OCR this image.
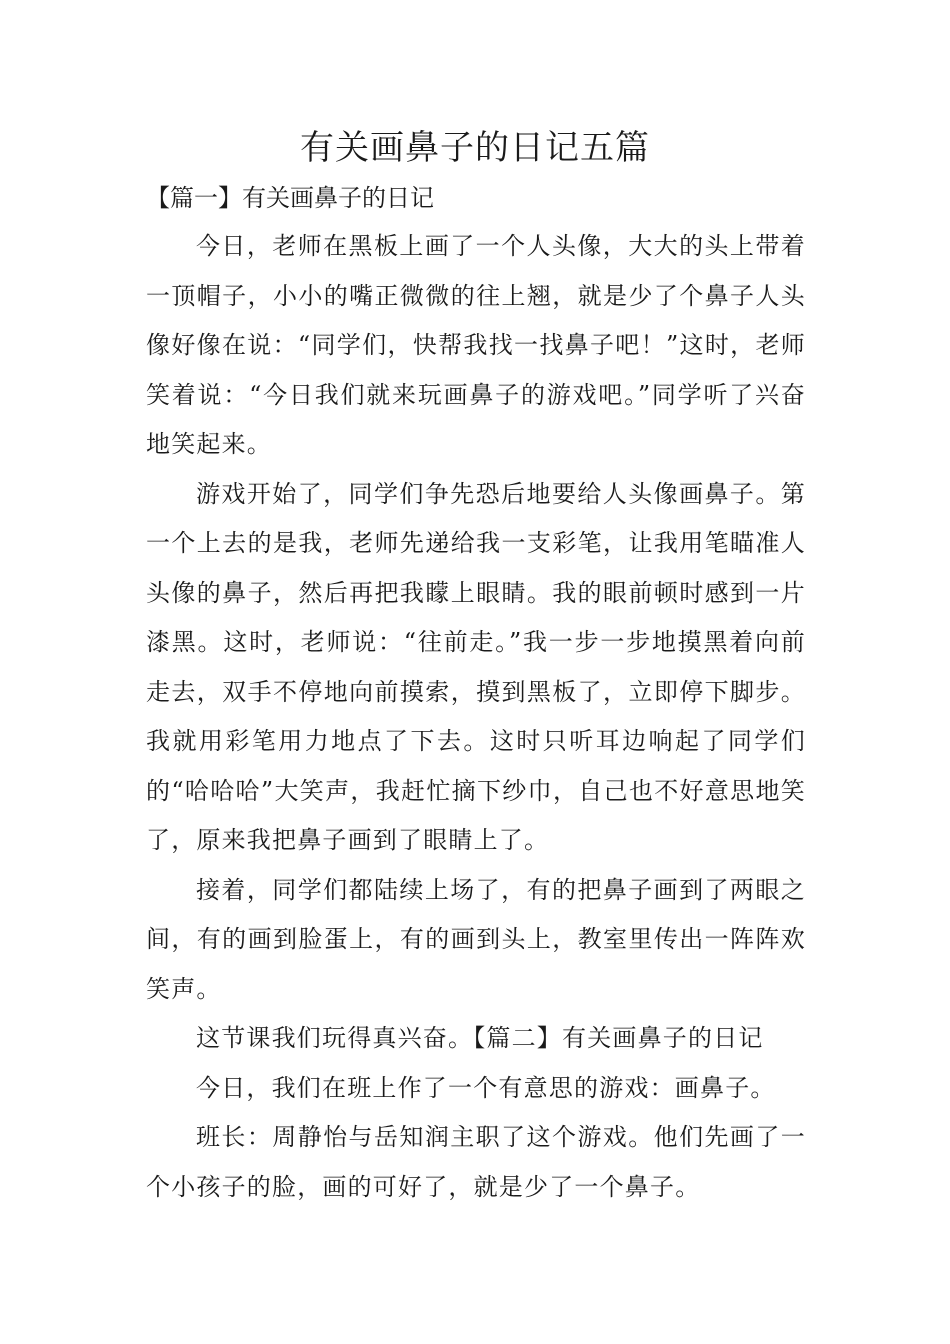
有关画鼻子的日记五篇
【篇一】有关画鼻子的日记

今日，老师在黑板上画了一个人头像，大大的头上带着一顶帽子，小小的嘴正微微的往上翘，就是少了个鼻子人头像好像在说：“同学们，快帮我找一找鼻子吧！”这时，老师笑着说：“今日我们就来玩画鼻子的游戏吧。”同学听了兴奋地笑起来。

游戏开始了，同学们争先恐后地要给人头像画鼻子。第一个上去的是我，老师先递给我一支彩笔，让我用笔瞄准人头像的鼻子，然后再把我矇上眼睛。我的眼前顿时感到一片漆黑。这时，老师说：“往前走。”我一步一步地摸黑着向前走去，双手不停地向前摸索，摸到黑板了，立即停下脚步。我就用彩笔用力地点了下去。这时只听耳边响起了同学们的“哈哈哈”大笑声，我赶忙摘下纱巾，自己也不好意思地笑了，原来我把鼻子画到了眼睛上了。

接着，同学们都陆续上场了，有的把鼻子画到了两眼之间，有的画到脸蛋上，有的画到头上，教室里传出一阵阵欢笑声。

这节课我们玩得真兴奋。【篇二】有关画鼻子的日记

今日，我们在班上作了一个有意思的游戏：画鼻子。

班长：周静怡与岳知润主职了这个游戏。他们先画了一个小孩子的脸，画的可好了，就是少了一个鼻子。
